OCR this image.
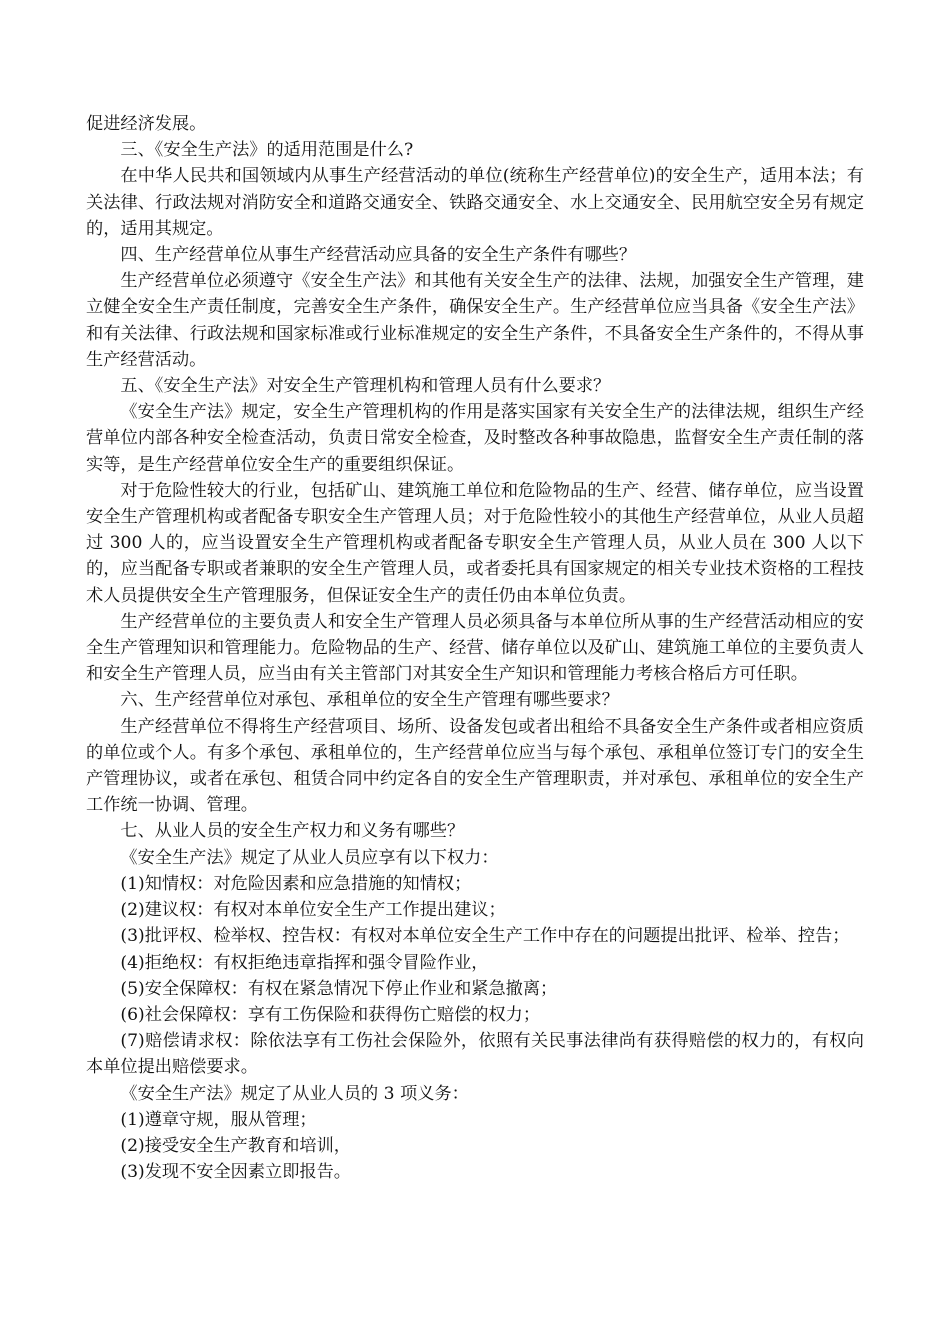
促进经济发展。

三、《安全生产法》的适用范围是什么?

在中华人民共和国领域内从事生产经营活动的单位(统称生产经营单位)的安全生产，适用本法；有关法律、行政法规对消防安全和道路交通安全、铁路交通安全、水上交通安全、民用航空安全另有规定的，适用其规定。

四、生产经营单位从事生产经营活动应具备的安全生产条件有哪些？

生产经营单位必须遵守《安全生产法》和其他有关安全生产的法律、法规，加强安全生产管理，建立健全安全生产责任制度，完善安全生产条件，确保安全生产。生产经营单位应当具备《安全生产法》和有关法律、行政法规和国家标准或行业标准规定的安全生产条件，不具备安全生产条件的，不得从事生产经营活动。

五、《安全生产法》对安全生产管理机构和管理人员有什么要求？

《安全生产法》规定，安全生产管理机构的作用是落实国家有关安全生产的法律法规，组织生产经营单位内部各种安全检查活动，负责日常安全检查，及时整改各种事故隐患，监督安全生产责任制的落实等，是生产经营单位安全生产的重要组织保证。

对于危险性较大的行业，包括矿山、建筑施工单位和危险物品的生产、经营、储存单位，应当设置安全生产管理机构或者配备专职安全生产管理人员；对于危险性较小的其他生产经营单位，从业人员超过 300 人的，应当设置安全生产管理机构或者配备专职安全生产管理人员，从业人员在 300 人以下的，应当配备专职或者兼职的安全生产管理人员，或者委托具有国家规定的相关专业技术资格的工程技术人员提供安全生产管理服务，但保证安全生产的责任仍由本单位负责。

生产经营单位的主要负责人和安全生产管理人员必须具备与本单位所从事的生产经营活动相应的安全生产管理知识和管理能力。危险物品的生产、经营、储存单位以及矿山、建筑施工单位的主要负责人和安全生产管理人员，应当由有关主管部门对其安全生产知识和管理能力考核合格后方可任职。

六、生产经营单位对承包、承租单位的安全生产管理有哪些要求？

生产经营单位不得将生产经营项目、场所、设备发包或者出租给不具备安全生产条件或者相应资质的单位或个人。有多个承包、承租单位的，生产经营单位应当与每个承包、承租单位签订专门的安全生产管理协议，或者在承包、租赁合同中约定各自的安全生产管理职责，并对承包、承租单位的安全生产工作统一协调、管理。

七、从业人员的安全生产权力和义务有哪些？

《安全生产法》规定了从业人员应享有以下权力：

(1)知情权：对危险因素和应急措施的知情权；

(2)建议权：有权对本单位安全生产工作提出建议；

(3)批评权、检举权、控告权：有权对本单位安全生产工作中存在的问题提出批评、检举、控告；

(4)拒绝权：有权拒绝违章指挥和强令冒险作业，

(5)安全保障权：有权在紧急情况下停止作业和紧急撤离；

(6)社会保障权：享有工伤保险和获得伤亡赔偿的权力；

(7)赔偿请求权：除依法享有工伤社会保险外，依照有关民事法律尚有获得赔偿的权力的，有权向本单位提出赔偿要求。

《安全生产法》规定了从业人员的 3 项义务：

(1)遵章守规，服从管理；

(2)接受安全生产教育和培训，

(3)发现不安全因素立即报告。
